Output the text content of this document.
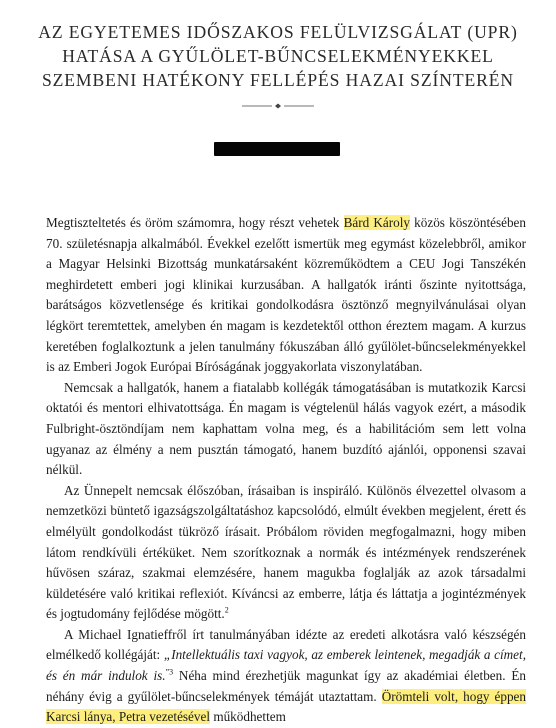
AZ EGYETEMES IDŐSZAKOS FELÜLVIZSGÁLAT (UPR)
HATÁSA A GYŰLÖLET-BŰNCSELEKMÉNYEKKEL
SZEMBENI HATÉKONY FELLÉPÉS HAZAI SZÍNTERÉN

Megtiszteltetés és öröm számomra, hogy részt vehetek Bárd Károly közös köszöntésében 70. születésnapja alkalmából. Évekkel ezelőtt ismertük meg egymást közelebbről, amikor a Magyar Helsinki Bizottság munkatársaként közreműködtem a CEU Jogi Tanszékén meghirdetett emberi jogi klinikai kurzusában. A hallgatók iránti őszinte nyitottsága, barátságos közvetlensége és kritikai gondolkodásra ösztönző megnyilvánulásai olyan légkört teremtettek, amelyben én magam is kezdetektől otthon éreztem magam. A kurzus keretében foglalkoztunk a jelen tanulmány fókuszában álló gyűlölet-bűncselekményekkel is az Emberi Jogok Európai Bíróságának joggyakorlata viszonylatában.

Nemcsak a hallgatók, hanem a fiatalabb kollégák támogatásában is mutatkozik Karcsi oktatói és mentori elhivatottsága. Én magam is végtelenül hálás vagyok ezért, a második Fulbright-ösztöndíjam nem kaphattam volna meg, és a habilitációm sem lett volna ugyanaz az élmény a nem pusztán támogató, hanem buzdító ajánlói, opponensi szavai nélkül.

Az Ünnepelt nemcsak élőszóban, írásaiban is inspiráló. Különös élvezettel olvasom a nemzetközi büntető igazságszolgáltatáshoz kapcsolódó, elmúlt években megjelent, érett és elmélyült gondolkodást tükröző írásait. Próbálom röviden megfogalmazni, hogy miben látom rendkívüli értéküket. Nem szorítkoznak a normák és intézmények rendszerének hűvösen száraz, szakmai elemzésére, hanem magukba foglalják az azok társadalmi küldetésére való kritikai reflexiót. Kíváncsi az emberre, látja és láttatja a jogintézmények és jogtudomány fejlődése mögött.$^2$

A Michael Ignatieffről írt tanulmányában idézte az eredeti alkotásra való készségén elmélkedő kollégáját: „Intellektuális taxi vagyok, az emberek leintenek, megadják a címet, és én már indulok is.$^{”3}$ Néha mind érezhetjük magunkat így az akadémiai életben. Én néhány évig a gyűlölet-bűncselekmények témáját utaztattam. Örömteli volt, hogy éppen Karcsi lánya, Petra vezetésével működhettem
